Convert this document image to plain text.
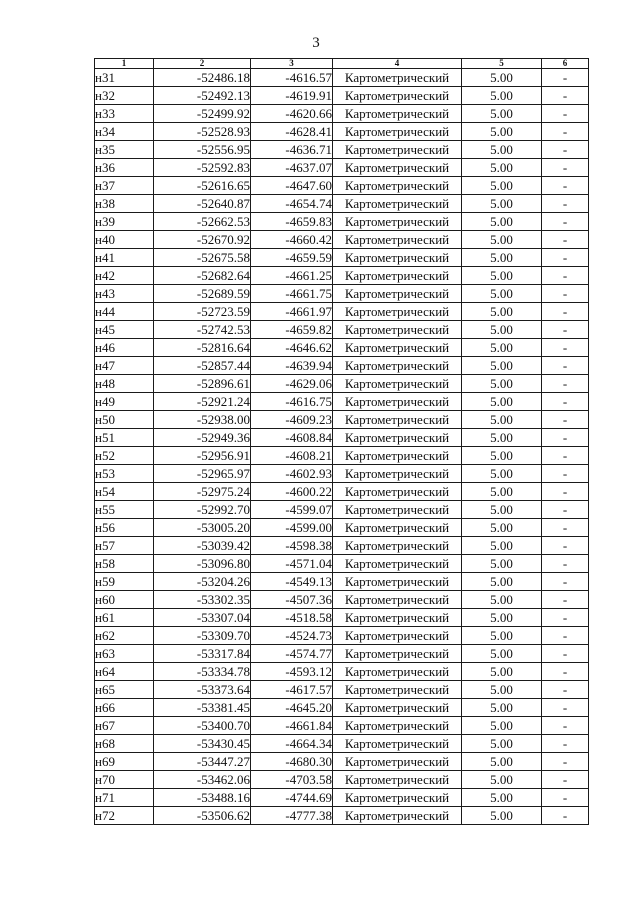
3
1	2	3	4	5	6
н31	-52486.18	-4616.57	Картометрический	5.00	-
н32	-52492.13	-4619.91	Картометрический	5.00	-
н33	-52499.92	-4620.66	Картометрический	5.00	-
н34	-52528.93	-4628.41	Картометрический	5.00	-
н35	-52556.95	-4636.71	Картометрический	5.00	-
н36	-52592.83	-4637.07	Картометрический	5.00	-
н37	-52616.65	-4647.60	Картометрический	5.00	-
н38	-52640.87	-4654.74	Картометрический	5.00	-
н39	-52662.53	-4659.83	Картометрический	5.00	-
н40	-52670.92	-4660.42	Картометрический	5.00	-
н41	-52675.58	-4659.59	Картометрический	5.00	-
н42	-52682.64	-4661.25	Картометрический	5.00	-
н43	-52689.59	-4661.75	Картометрический	5.00	-
н44	-52723.59	-4661.97	Картометрический	5.00	-
н45	-52742.53	-4659.82	Картометрический	5.00	-
н46	-52816.64	-4646.62	Картометрический	5.00	-
н47	-52857.44	-4639.94	Картометрический	5.00	-
н48	-52896.61	-4629.06	Картометрический	5.00	-
н49	-52921.24	-4616.75	Картометрический	5.00	-
н50	-52938.00	-4609.23	Картометрический	5.00	-
н51	-52949.36	-4608.84	Картометрический	5.00	-
н52	-52956.91	-4608.21	Картометрический	5.00	-
н53	-52965.97	-4602.93	Картометрический	5.00	-
н54	-52975.24	-4600.22	Картометрический	5.00	-
н55	-52992.70	-4599.07	Картометрический	5.00	-
н56	-53005.20	-4599.00	Картометрический	5.00	-
н57	-53039.42	-4598.38	Картометрический	5.00	-
н58	-53096.80	-4571.04	Картометрический	5.00	-
н59	-53204.26	-4549.13	Картометрический	5.00	-
н60	-53302.35	-4507.36	Картометрический	5.00	-
н61	-53307.04	-4518.58	Картометрический	5.00	-
н62	-53309.70	-4524.73	Картометрический	5.00	-
н63	-53317.84	-4574.77	Картометрический	5.00	-
н64	-53334.78	-4593.12	Картометрический	5.00	-
н65	-53373.64	-4617.57	Картометрический	5.00	-
н66	-53381.45	-4645.20	Картометрический	5.00	-
н67	-53400.70	-4661.84	Картометрический	5.00	-
н68	-53430.45	-4664.34	Картометрический	5.00	-
н69	-53447.27	-4680.30	Картометрический	5.00	-
н70	-53462.06	-4703.58	Картометрический	5.00	-
н71	-53488.16	-4744.69	Картометрический	5.00	-
н72	-53506.62	-4777.38	Картометрический	5.00	-
